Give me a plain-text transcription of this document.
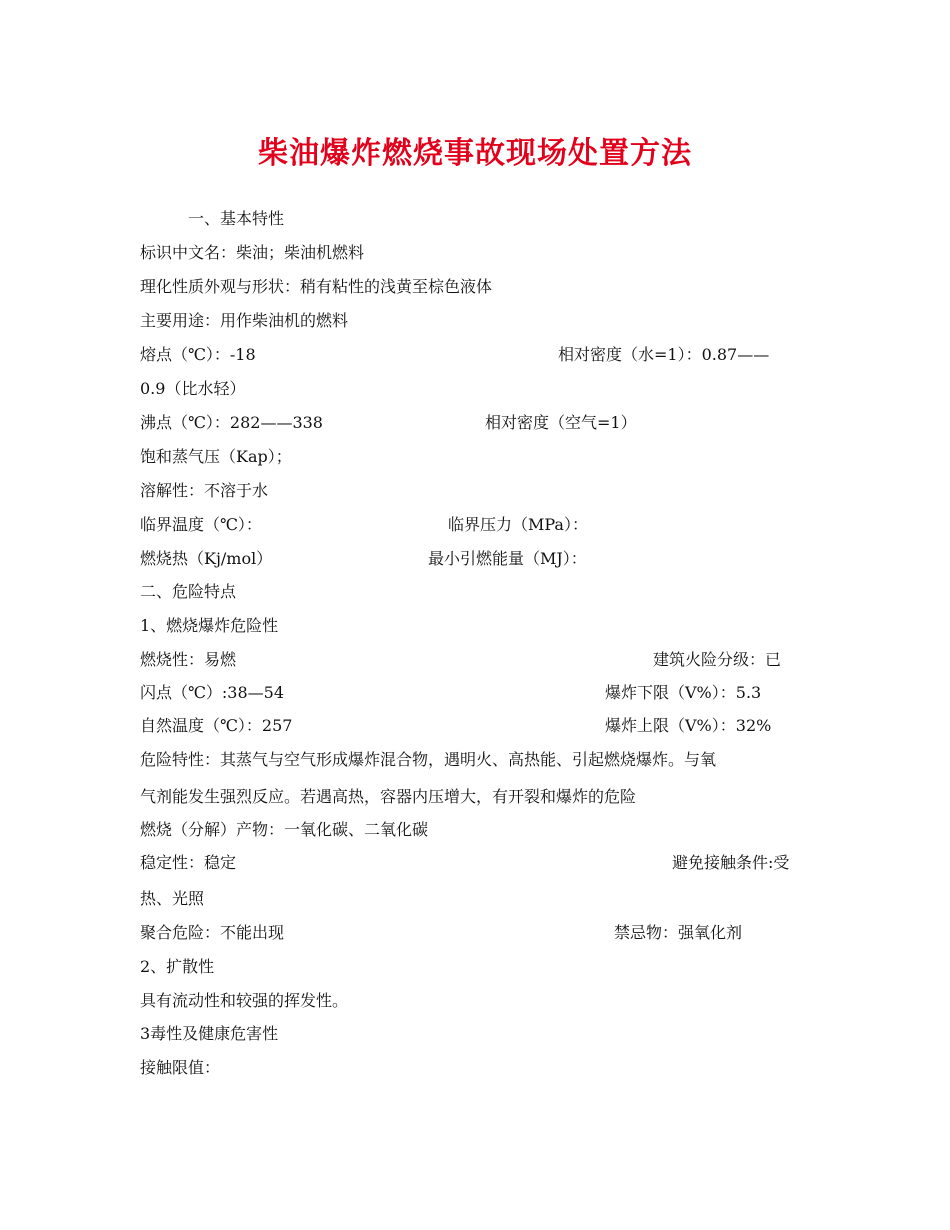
柴油爆炸燃烧事故现场处置方法
一、基本特性
标识中文名：柴油；柴油机燃料
理化性质外观与形状：稍有粘性的浅黄至棕色液体
主要用途：用作柴油机的燃料
熔点（℃）：-18	相对密度（水=1）：0.87——
0.9（比水轻）
沸点（℃）：282——338	相对密度（空气=1）
饱和蒸气压（Kap）；
溶解性：不溶于水
临界温度（℃）：	临界压力（MPa）：
燃烧热（Kj/mol）	最小引燃能量（MJ）：
二、危险特点
1、燃烧爆炸危险性
燃烧性：易燃	建筑火险分级：已
闪点（℃）:38—54	爆炸下限（V%）：5.3
自然温度（℃）：257	爆炸上限（V%）：32%
危险特性：其蒸气与空气形成爆炸混合物，遇明火、高热能、引起燃烧爆炸。与氧
气剂能发生强烈反应。若遇高热，容器内压增大，有开裂和爆炸的危险
燃烧（分解）产物：一氧化碳、二氧化碳
稳定性：稳定	避免接触条件:受
热、光照
聚合危险：不能出现	禁忌物：强氧化剂
2、扩散性
具有流动性和较强的挥发性。
3毒性及健康危害性
接触限值：
